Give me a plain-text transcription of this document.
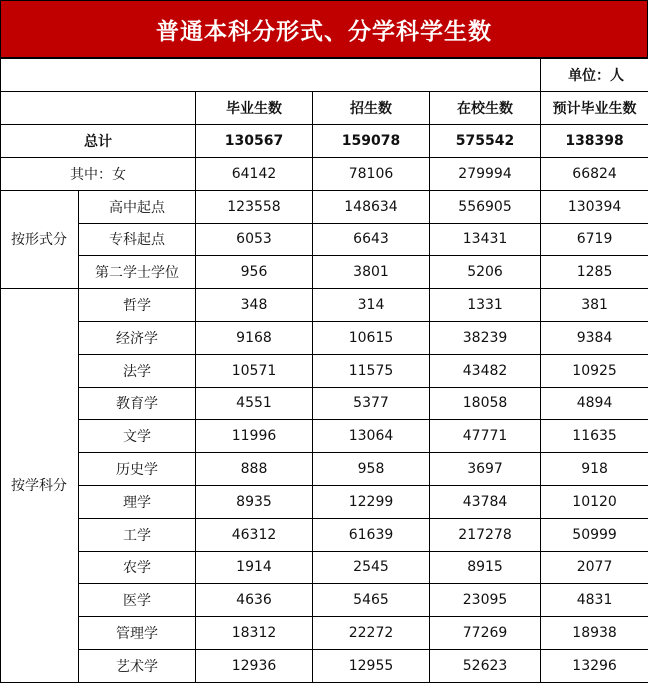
普通本科分形式、分学科学生数
					单位：人
		毕业生数	招生数	在校生数	预计毕业生数
总计		130567	159078	575542	138398
其中：女		64142	78106	279994	66824
按形式分	高中起点	123558	148634	556905	130394
	专科起点	6053	6643	13431	6719
	第二学士学位	956	3801	5206	1285
按学科分	哲学	348	314	1331	381
	经济学	9168	10615	38239	9384
	法学	10571	11575	43482	10925
	教育学	4551	5377	18058	4894
	文学	11996	13064	47771	11635
	历史学	888	958	3697	918
	理学	8935	12299	43784	10120
	工学	46312	61639	217278	50999
	农学	1914	2545	8915	2077
	医学	4636	5465	23095	4831
	管理学	18312	22272	77269	18938
	艺术学	12936	12955	52623	13296
